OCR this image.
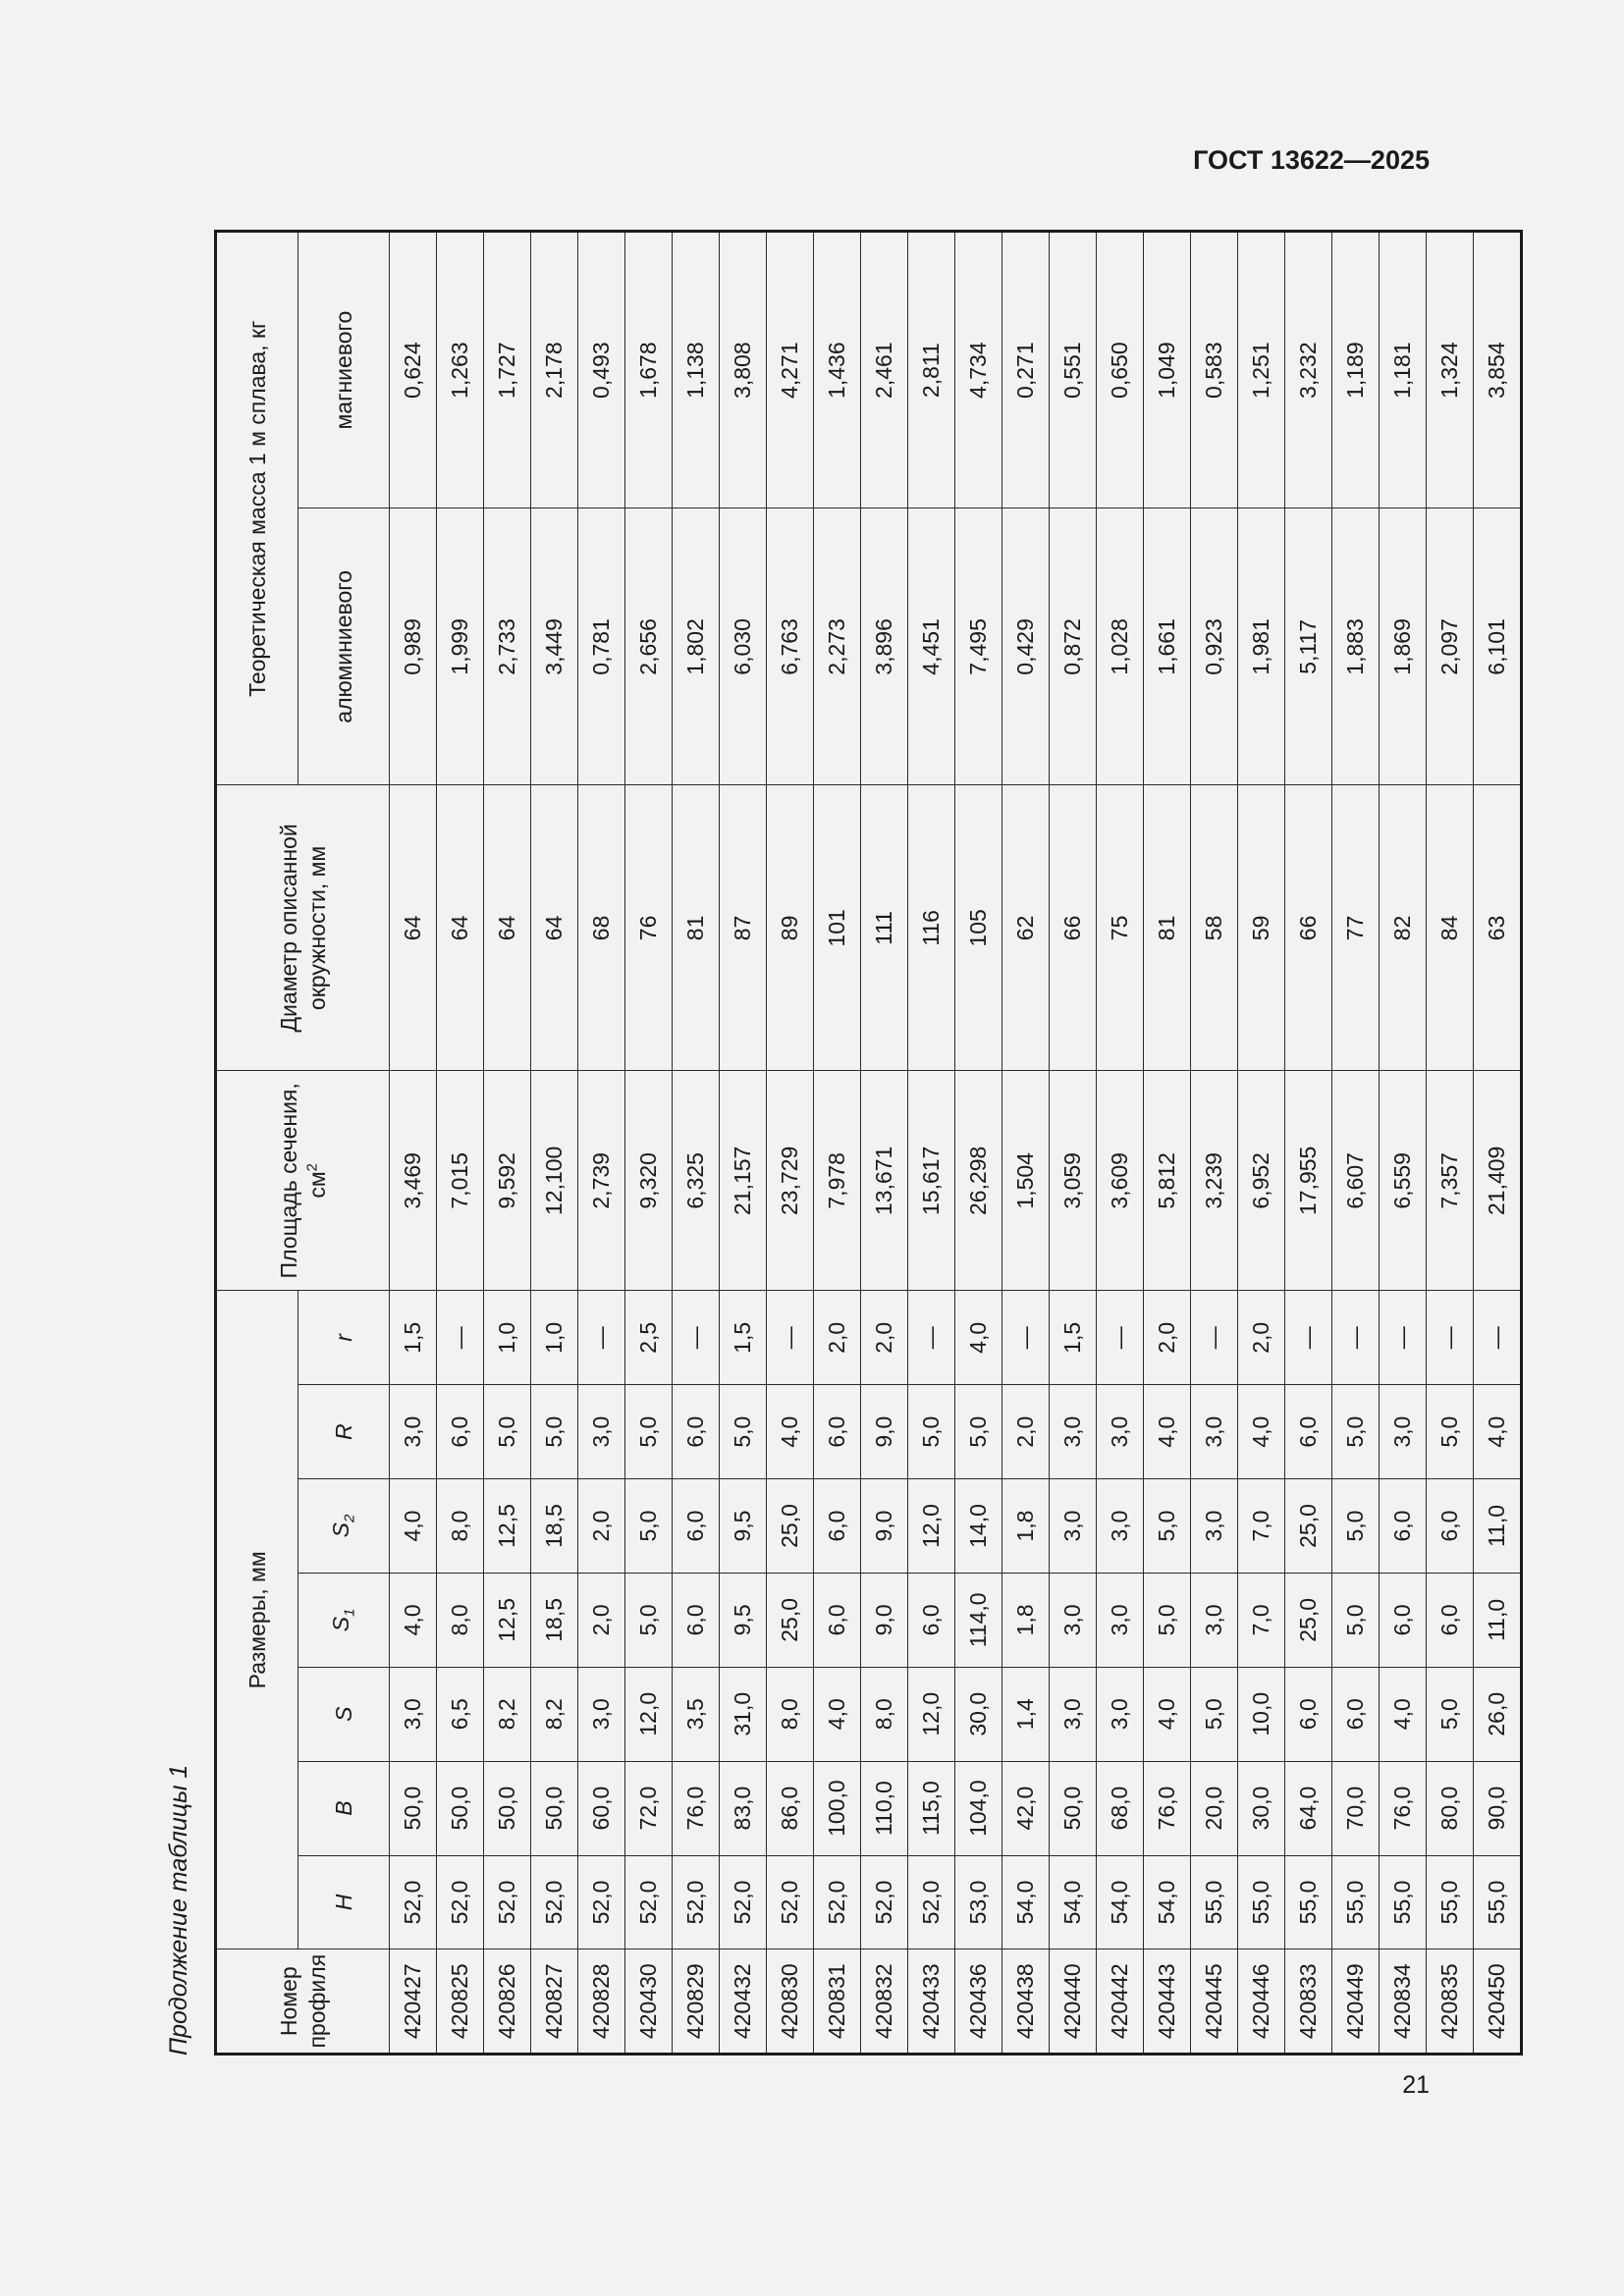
ГОСТ 13622—2025
Продолжение таблицы 1	Номер профиля	Размеры, мм							Площадь сечения, $см^2$	Диаметр описанной окружности, мм	Теоретическая масса 1 м сплава, кг	
	H	B	S	$S_1$	$S_2$	R	r			алюминиевого	магниевого
420427	52,0	50,0	3,0	4,0	4,0	3,0	1,5	3,469	64	0,989	0,624
420825	52,0	50,0	6,5	8,0	8,0	6,0	—	7,015	64	1,999	1,263
420826	52,0	50,0	8,2	12,5	12,5	5,0	1,0	9,592	64	2,733	1,727
420827	52,0	50,0	8,2	18,5	18,5	5,0	1,0	12,100	64	3,449	2,178
420828	52,0	60,0	3,0	2,0	2,0	3,0	—	2,739	68	0,781	0,493
420430	52,0	72,0	12,0	5,0	5,0	5,0	2,5	9,320	76	2,656	1,678
420829	52,0	76,0	3,5	6,0	6,0	6,0	—	6,325	81	1,802	1,138
420432	52,0	83,0	31,0	9,5	9,5	5,0	1,5	21,157	87	6,030	3,808
420830	52,0	86,0	8,0	25,0	25,0	4,0	—	23,729	89	6,763	4,271
420831	52,0	100,0	4,0	6,0	6,0	6,0	2,0	7,978	101	2,273	1,436
420832	52,0	110,0	8,0	9,0	9,0	9,0	2,0	13,671	111	3,896	2,461
420433	52,0	115,0	12,0	6,0	12,0	5,0	—	15,617	116	4,451	2,811
420436	53,0	104,0	30,0	114,0	14,0	5,0	4,0	26,298	105	7,495	4,734
420438	54,0	42,0	1,4	1,8	1,8	2,0	—	1,504	62	0,429	0,271
420440	54,0	50,0	3,0	3,0	3,0	3,0	1,5	3,059	66	0,872	0,551
420442	54,0	68,0	3,0	3,0	3,0	3,0	—	3,609	75	1,028	0,650
420443	54,0	76,0	4,0	5,0	5,0	4,0	2,0	5,812	81	1,661	1,049
420445	55,0	20,0	5,0	3,0	3,0	3,0	—	3,239	58	0,923	0,583
420446	55,0	30,0	10,0	7,0	7,0	4,0	2,0	6,952	59	1,981	1,251
420833	55,0	64,0	6,0	25,0	25,0	6,0	—	17,955	66	5,117	3,232
420449	55,0	70,0	6,0	5,0	5,0	5,0	—	6,607	77	1,883	1,189
420834	55,0	76,0	4,0	6,0	6,0	3,0	—	6,559	82	1,869	1,181
420835	55,0	80,0	5,0	6,0	6,0	5,0	—	7,357	84	2,097	1,324
420450	55,0	90,0	26,0	11,0	11,0	4,0	—	21,409	63	6,101	3,854
21
